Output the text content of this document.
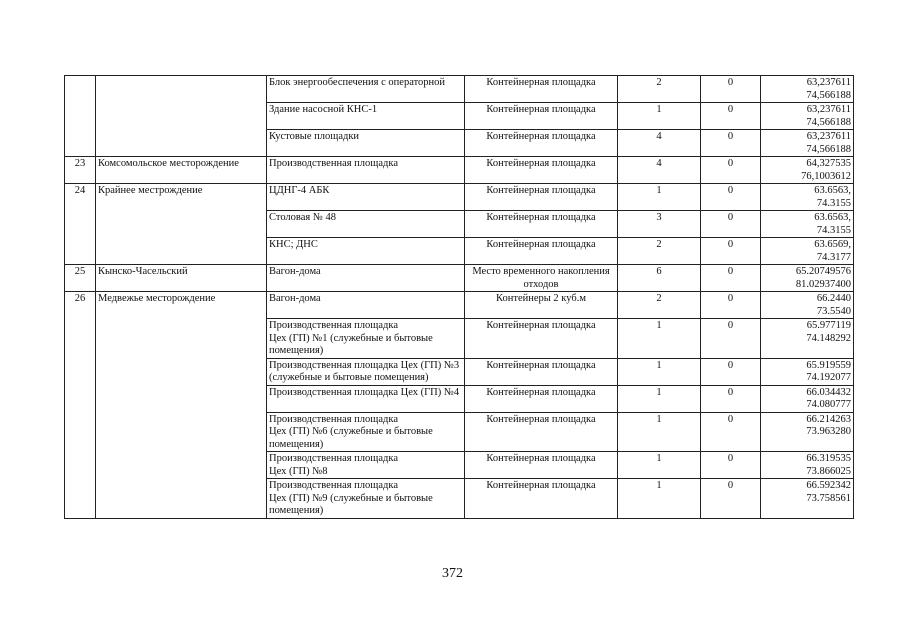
		Блок энергообеспечения с операторной	Контейнерная площадка	2	0	63,237611
74,566188
		Здание насосной КНС-1	Контейнерная площадка	1	0	63,237611
74,566188
		Кустовые площадки	Контейнерная площадка	4	0	63,237611
74,566188
23	Комсомольское месторождение	Производственная площадка	Контейнерная площадка	4	0	64,327535
76,1003612
24	Крайнее местрождение	ЦДНГ-4 АБК	Контейнерная площадка	1	0	63.6563,
74.3155
		Столовая № 48	Контейнерная площадка	3	0	63.6563,
74.3155
		КНС; ДНС	Контейнерная площадка	2	0	63.6569,
74.3177
25	Кынско-Часельский	Вагон-дома	Место временного накопления отходов	6	0	65.20749576
81.02937400
26	Медвежье месторождение	Вагон-дома	Контейнеры 2 куб.м	2	0	66.2440
73.5540
		Производственная площадка
Цех (ГП) №1 (служебные и бытовые помещения)	Контейнерная площадка	1	0	65.977119
74.148292
		Производственная площадка Цех (ГП) №3 (служебные и бытовые помещения)	Контейнерная площадка	1	0	65.919559
74.192077
		Производственная площадка Цех (ГП) №4	Контейнерная площадка	1	0	66.034432
74.080777
		Производственная площадка
Цех (ГП) №6 (служебные и бытовые помещения)	Контейнерная площадка	1	0	66.214263
73.963280
		Производственная площадка
Цех (ГП) №8	Контейнерная площадка	1	0	66.319535
73.866025
		Производственная площадка
Цех (ГП) №9 (служебные и бытовые помещения)	Контейнерная площадка	1	0	66.592342
73.758561
372
